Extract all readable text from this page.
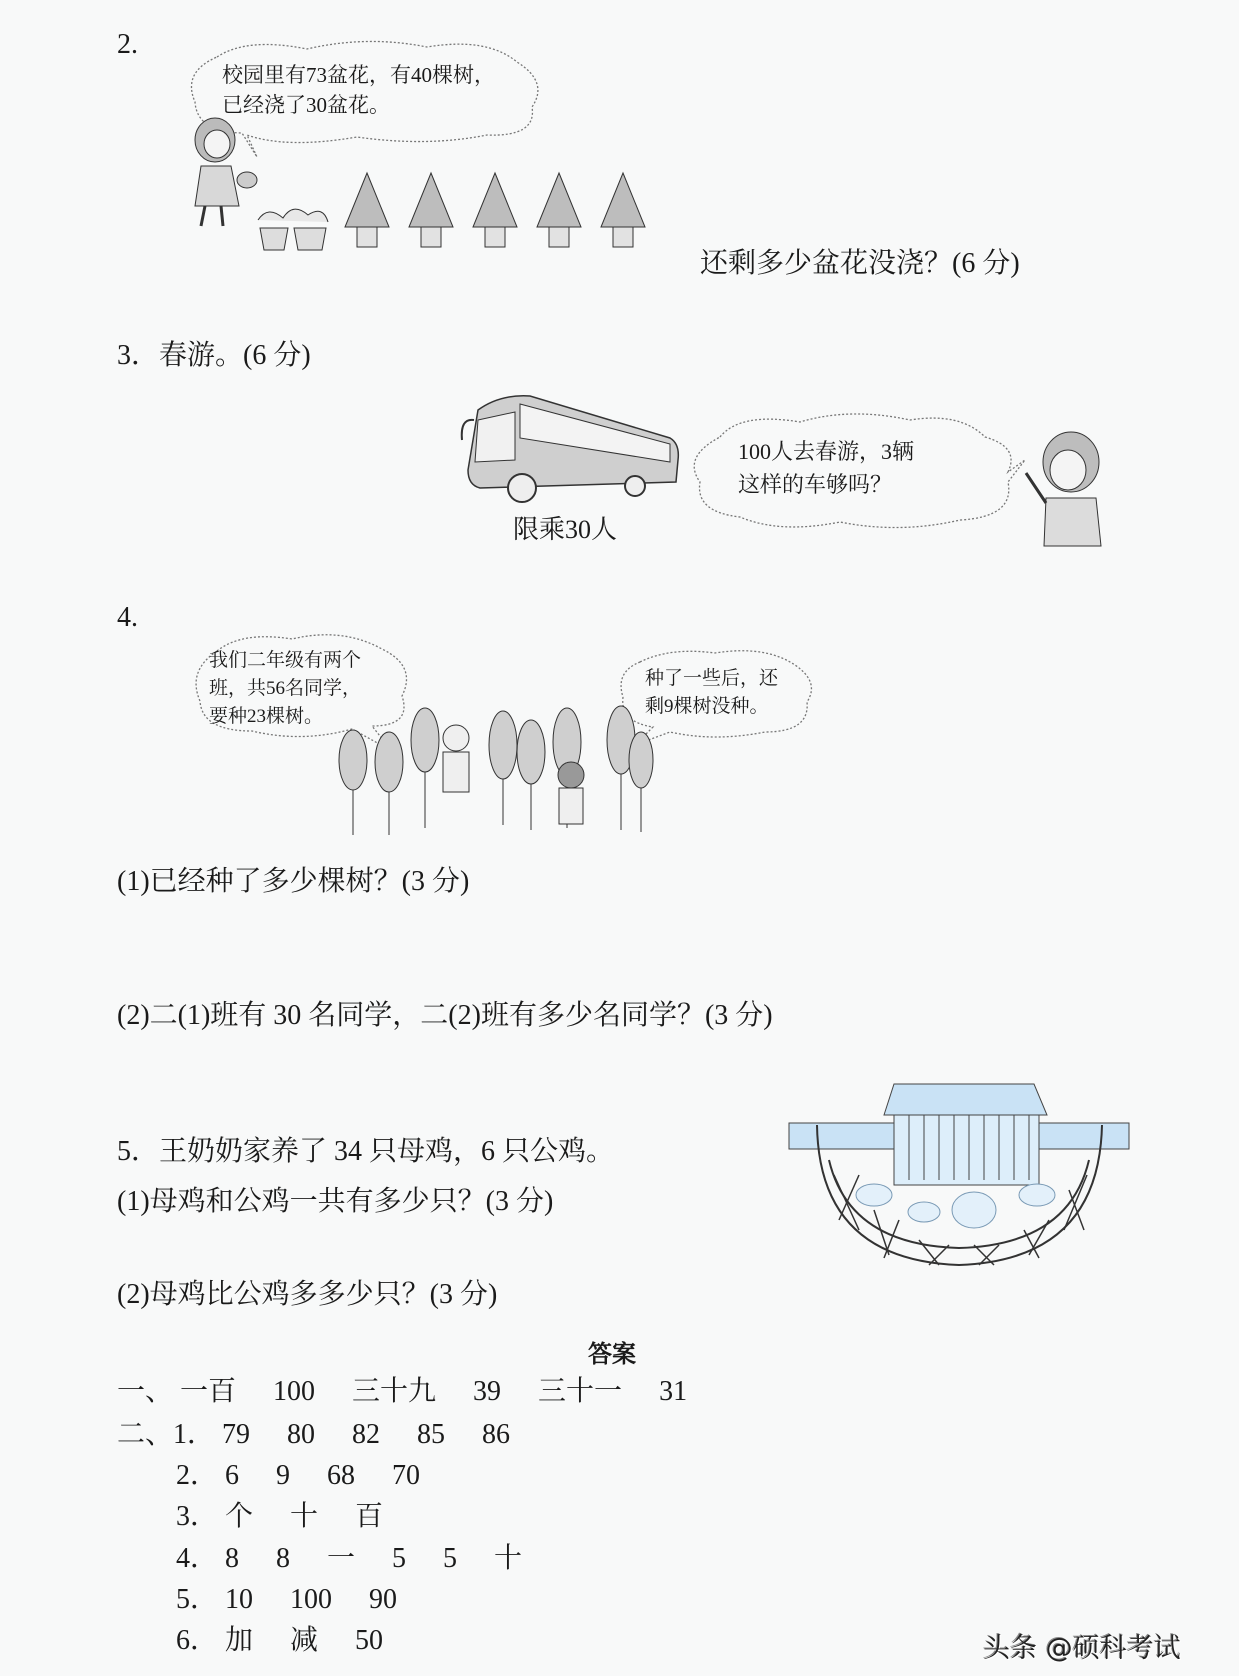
2.
校园里有73盆花，有40棵树，
已经浇了30盆花。
还剩多少盆花没浇？(6 分)
3．春游。(6 分)
限乘30人
100人去春游，3辆
这样的车够吗？
4.
我们二年级有两个
班，共56名同学，
要种23棵树。
种了一些后，还
剩9棵树没种。
(1)已经种了多少棵树？(3 分)
(2)二(1)班有 30 名同学，二(2)班有多少名同学？(3 分)
5．王奶奶家养了 34 只母鸡，6 只公鸡。
(1)母鸡和公鸡一共有多少只？(3 分)
(2)母鸡比公鸡多多少只？(3 分)
答案
一、 一百 100 三十九 39 三十一 31
二、1． 79 80 82 85 86
2． 6 9 68 70
3． 个 十 百
4． 8 8 一 5 5 十
5． 10 100 90
6． 加 减 50	头条 @硕科考试
